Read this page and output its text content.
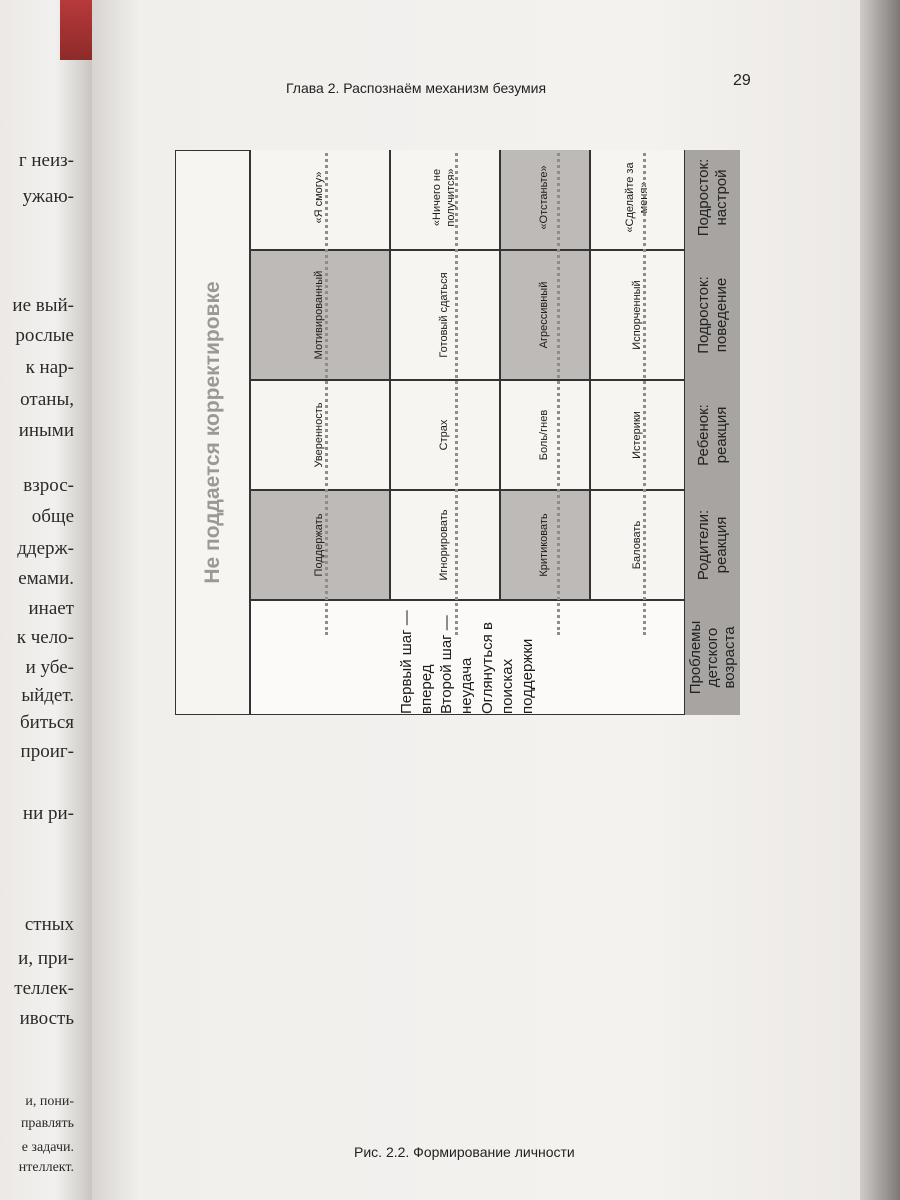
г неиз-
ужаю-
ие вый-
рослые
к нар-
отаны,
иными
взрос-
обще
ддерж-
емами.
инает
к чело-
и убе-
ыйдет.
биться
проиг-
ни ри-
стных
и, при-
теллек-
ивость
и, пони-
правлять
е задачи.
нтеллект.
Глава 2. Распознаём механизм безумия	29
Проблемы детского возраста
Родители: реакция
Ребенок: реакция
Подросток: поведение
Подросток: настрой
Первый шаг — вперед Второй шаг — неудача Оглянуться в поисках поддержки
Баловать
Критиковать
Игнорировать
Поддержать
Истерики
Боль/гнев
Страх
Уверенность
Испорченный
Агрессивный
Готовый сдаться
Мотивированный
«Сделайте за меня»
«Отстаньте»
«Ничего не получится»
«Я смогу»
Не поддается корректировке
Рис. 2.2. Формирование личности
